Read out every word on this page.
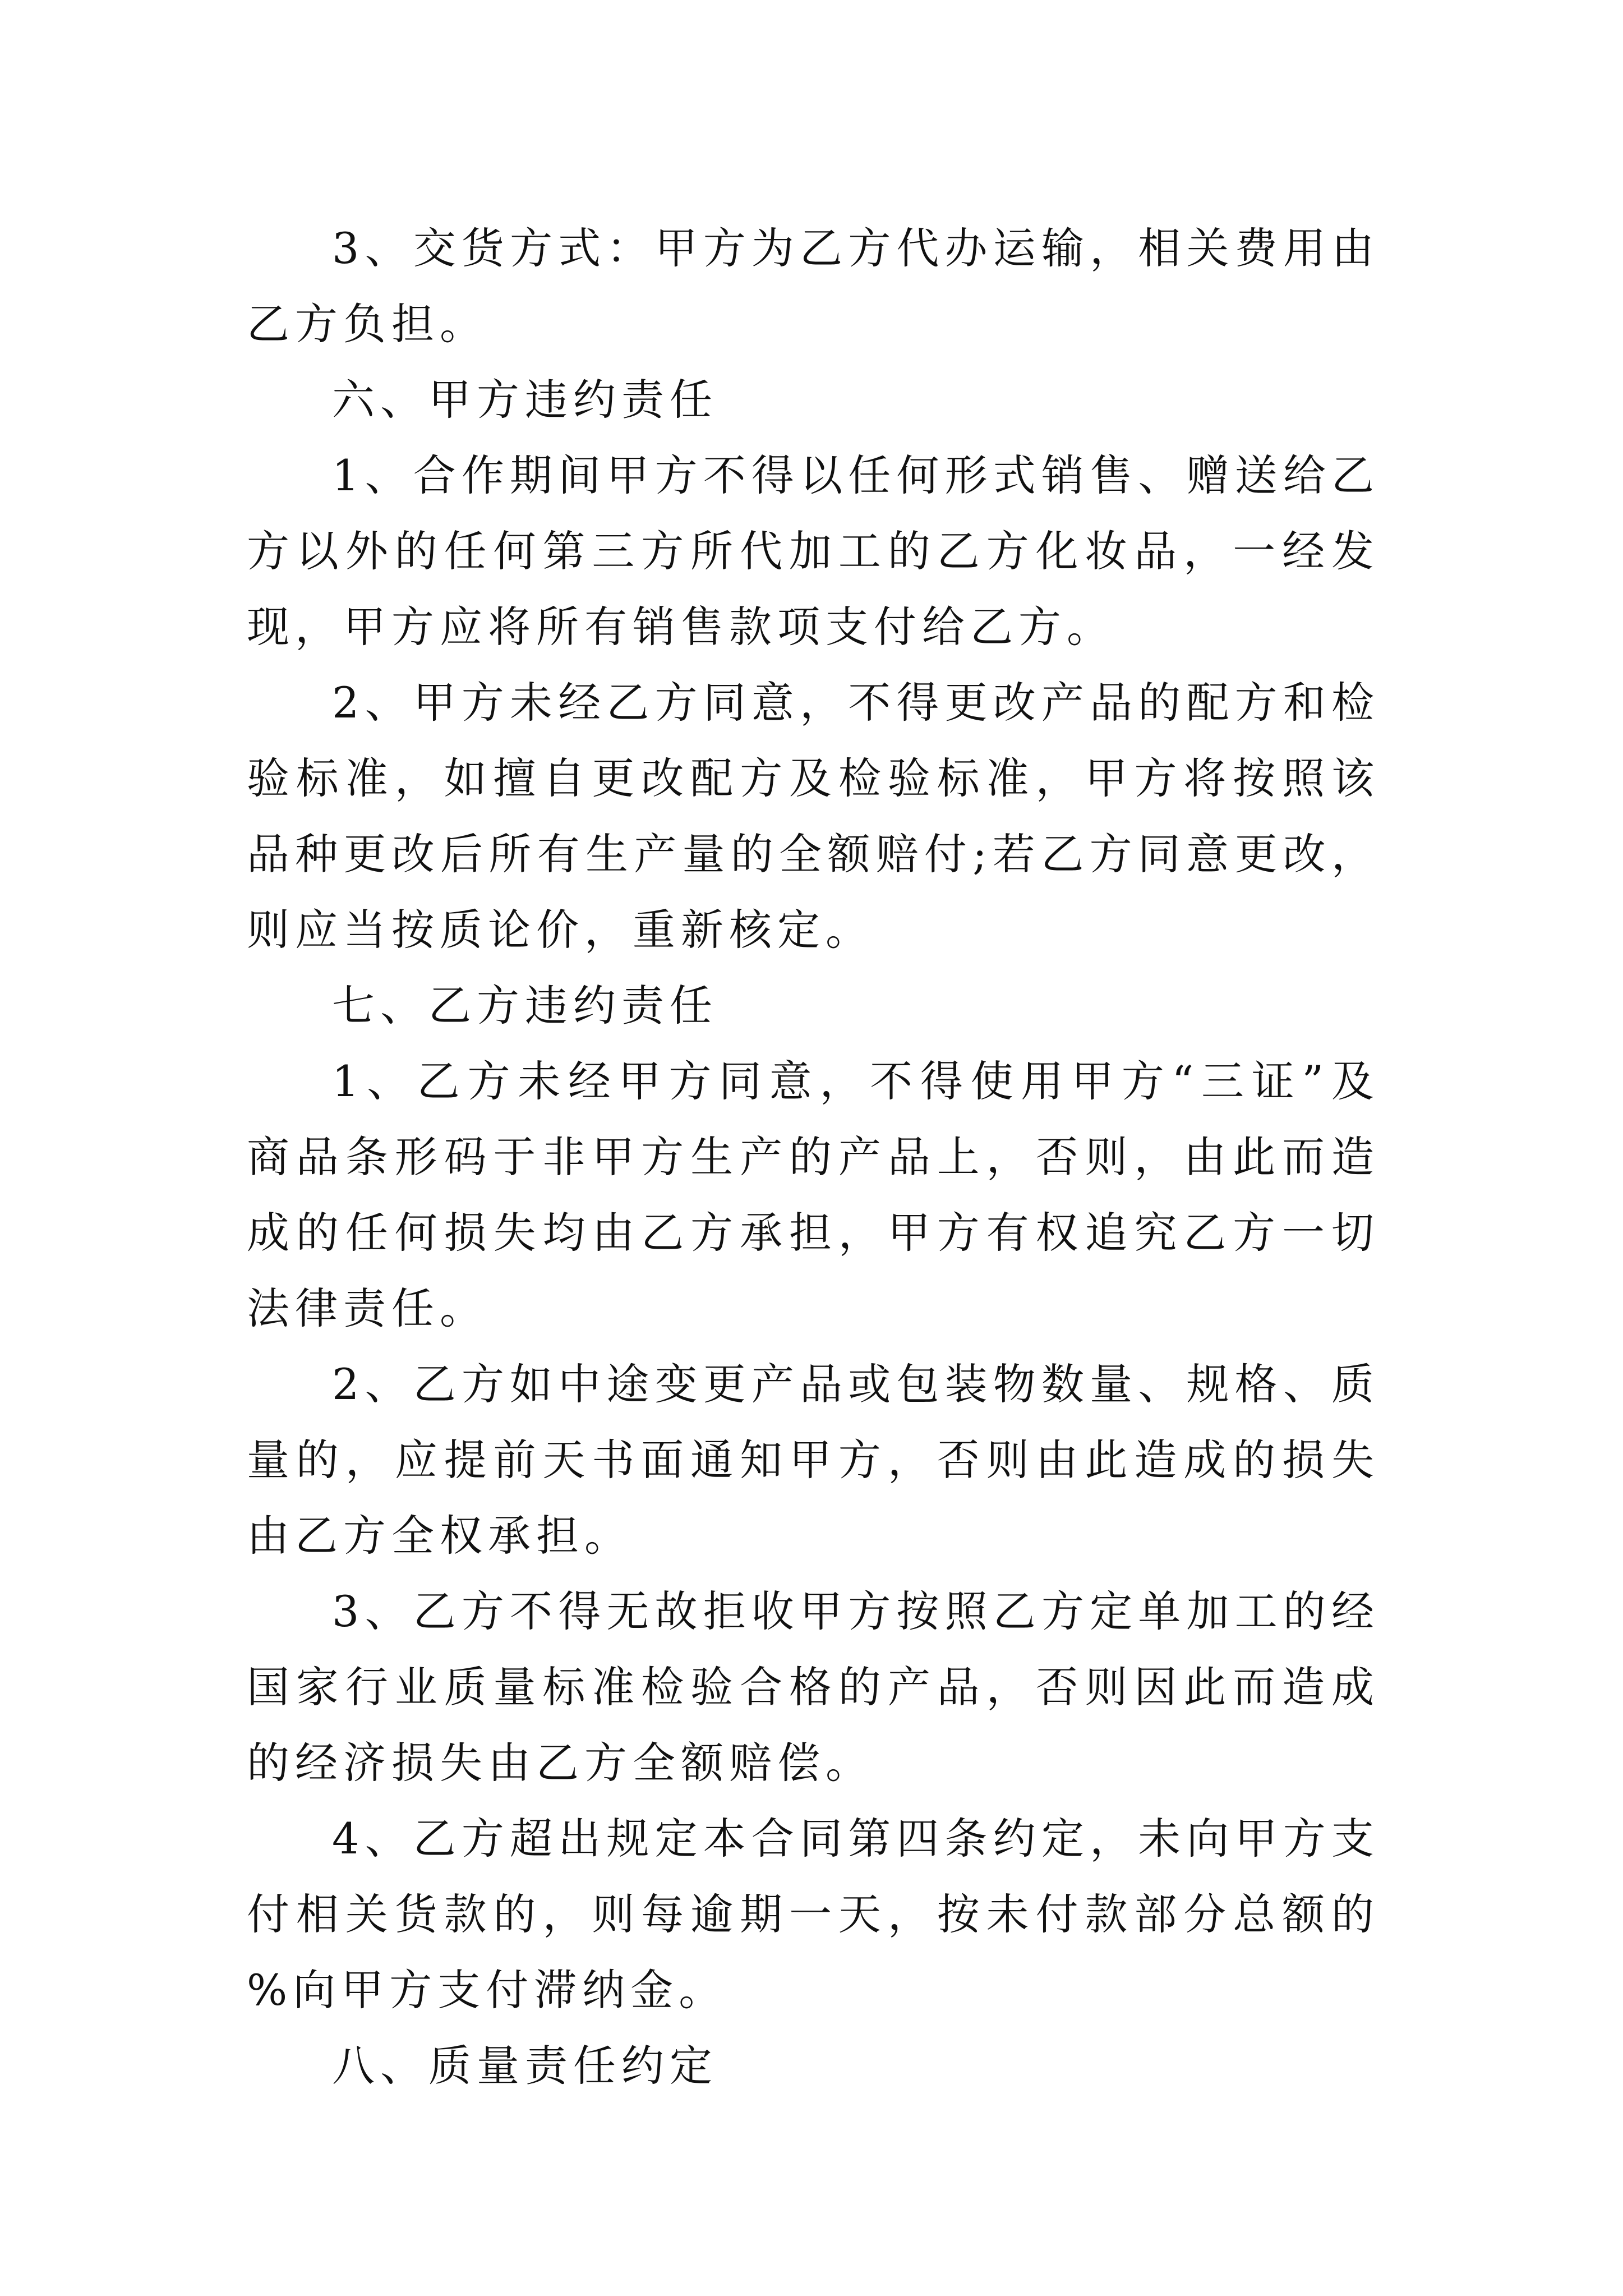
3、交货方式：甲方为乙方代办运输，相关费用由乙方负担。

六、甲方违约责任

1、合作期间甲方不得以任何形式销售、赠送给乙方以外的任何第三方所代加工的乙方化妆品，一经发现，甲方应将所有销售款项支付给乙方。

2、甲方未经乙方同意，不得更改产品的配方和检验标准，如擅自更改配方及检验标准，甲方将按照该品种更改后所有生产量的全额赔付;若乙方同意更改，则应当按质论价，重新核定。

七、乙方违约责任

1、乙方未经甲方同意，不得使用甲方“三证”及商品条形码于非甲方生产的产品上，否则，由此而造成的任何损失均由乙方承担，甲方有权追究乙方一切法律责任。

2、乙方如中途变更产品或包装物数量、规格、质量的，应提前天书面通知甲方，否则由此造成的损失由乙方全权承担。

3、乙方不得无故拒收甲方按照乙方定单加工的经国家行业质量标准检验合格的产品，否则因此而造成的经济损失由乙方全额赔偿。

4、乙方超出规定本合同第四条约定，未向甲方支付相关货款的，则每逾期一天，按未付款部分总额的 %向甲方支付滞纳金。

八、质量责任约定
